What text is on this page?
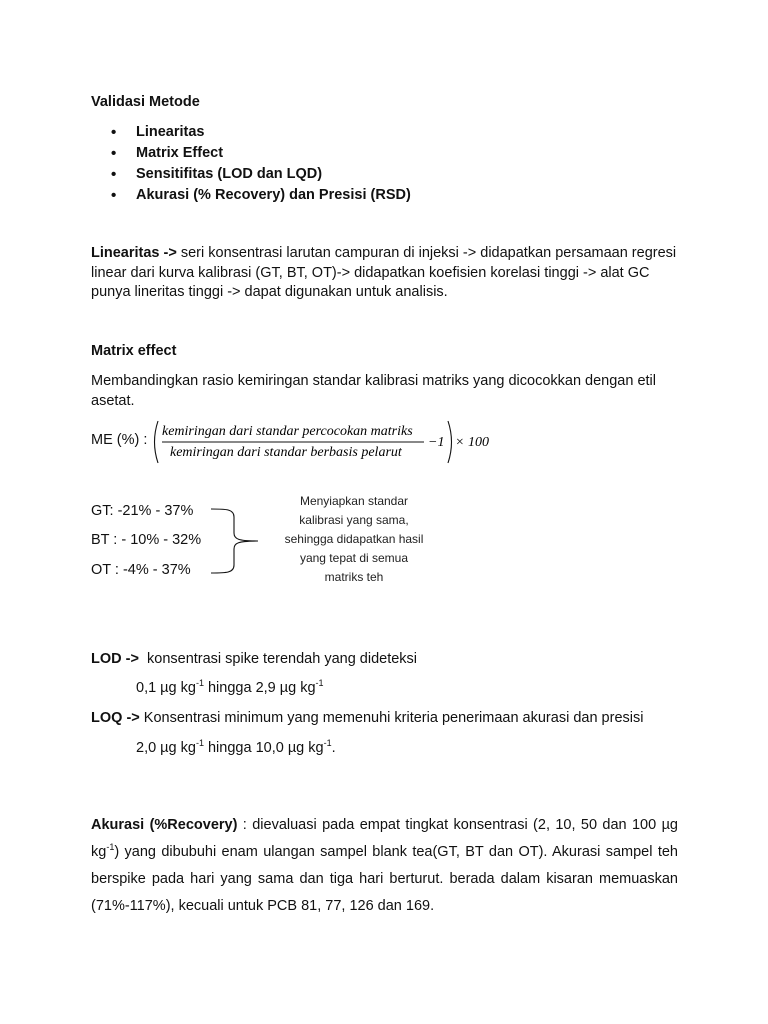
Validasi Metode
• Linearitas
• Matrix Effect
• Sensitifitas (LOD dan LQD)
• Akurasi (% Recovery) dan Presisi (RSD)
Linearitas -> seri konsentrasi larutan campuran di injeksi -> didapatkan persamaan regresi linear dari kurva kalibrasi (GT, BT, OT)-> didapatkan koefisien korelasi tinggi -> alat GC punya lineritas tinggi -> dapat digunakan untuk analisis.
Matrix effect
Membandingkan rasio kemiringan standar kalibrasi matriks yang dicocokkan dengan etil asetat.
ME (%) :
kemiringan dari standar percocokan matriks
kemiringan dari standar berbasis pelarut
−1 × 100
GT: -21% - 37%
BT : - 10% - 32%
OT : -4% - 37%
Menyiapkan standar
kalibrasi yang sama,
sehingga didapatkan hasil
yang tepat di semua
matriks teh
LOD -> konsentrasi spike terendah yang dideteksi
0,1 µg $kg^{-1}$ hingga 2,9 µg $kg^{-1}$
LOQ -> Konsentrasi minimum yang memenuhi kriteria penerimaan akurasi dan presisi
2,0 µg $kg^{-1}$ hingga 10,0 µg $kg^{-1}$.
Akurasi (%Recovery) : dievaluasi pada empat tingkat konsentrasi (2, 10, 50 dan 100 µg $kg^{-1}$) yang dibubuhi enam ulangan sampel blank tea(GT, BT dan OT). Akurasi sampel teh berspike pada hari yang sama dan tiga hari berturut. berada dalam kisaran memuaskan (71%-117%), kecuali untuk PCB 81, 77, 126 dan 169.
